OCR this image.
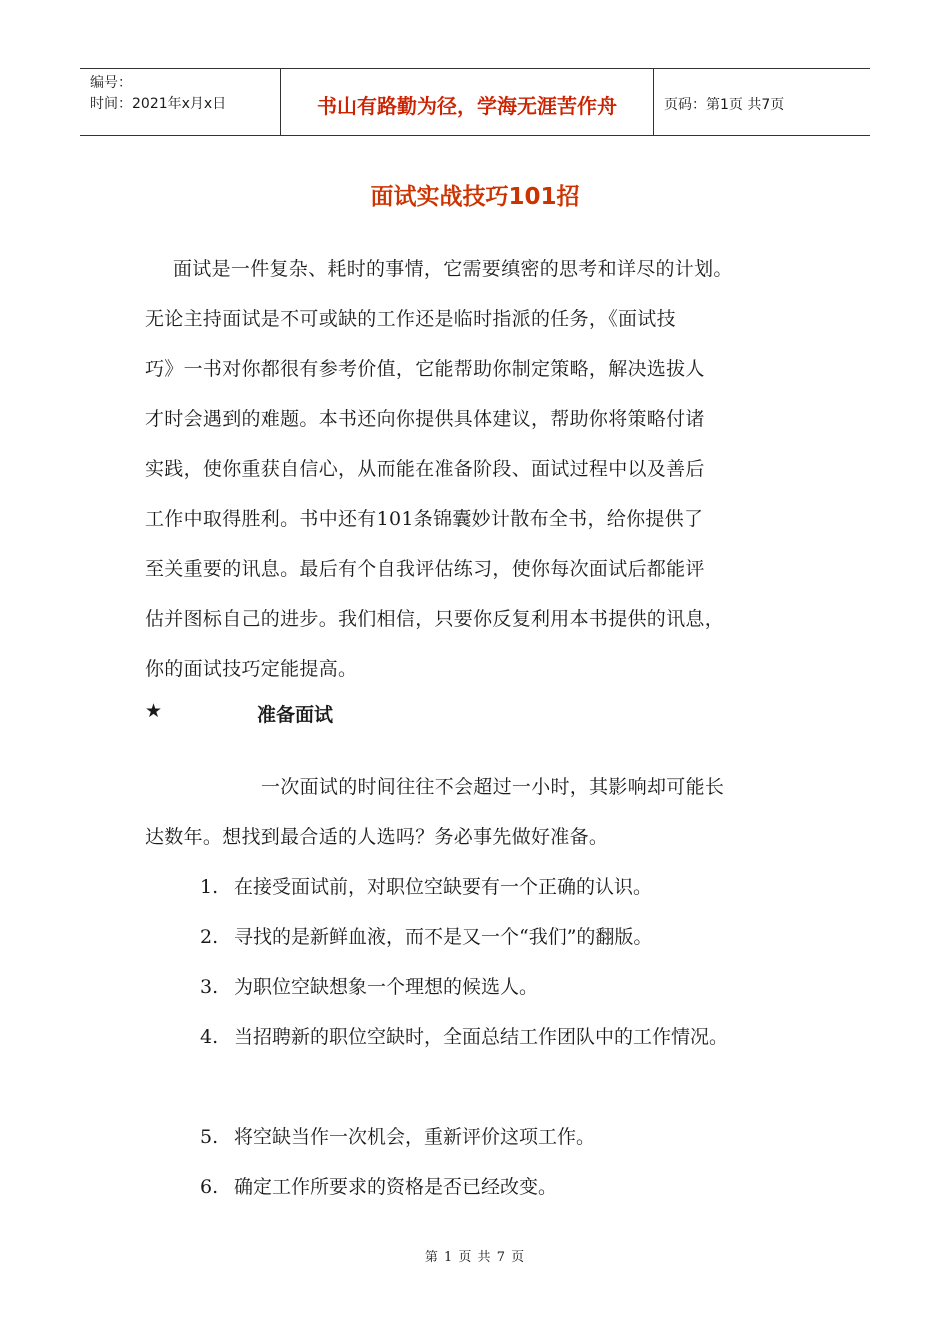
编号：
时间：2021年x月x日	书山有路勤为径，学海无涯苦作舟	页码：第1页 共7页
面试实战技巧101招
面试是一件复杂、耗时的事情，它需要缜密的思考和详尽的计划。
无论主持面试是不可或缺的工作还是临时指派的任务，《面试技
巧》一书对你都很有参考价值，它能帮助你制定策略，解决选拔人
才时会遇到的难题。本书还向你提供具体建议，帮助你将策略付诸
实践，使你重获自信心，从而能在准备阶段、面试过程中以及善后
工作中取得胜利。书中还有101条锦囊妙计散布全书，给你提供了
至关重要的讯息。最后有个自我评估练习，使你每次面试后都能评
估并图标自己的进步。我们相信，只要你反复利用本书提供的讯息，
你的面试技巧定能提高。
★	准备面试
一次面试的时间往往不会超过一小时，其影响却可能长
达数年。想找到最合适的人选吗？务必事先做好准备。
1. 在接受面试前，对职位空缺要有一个正确的认识。
2. 寻找的是新鲜血液，而不是又一个“我们”的翻版。
3. 为职位空缺想象一个理想的候选人。
4. 当招聘新的职位空缺时，全面总结工作团队中的工作情况。
5. 将空缺当作一次机会，重新评价这项工作。
6. 确定工作所要求的资格是否已经改变。
第 1 页 共 7 页
